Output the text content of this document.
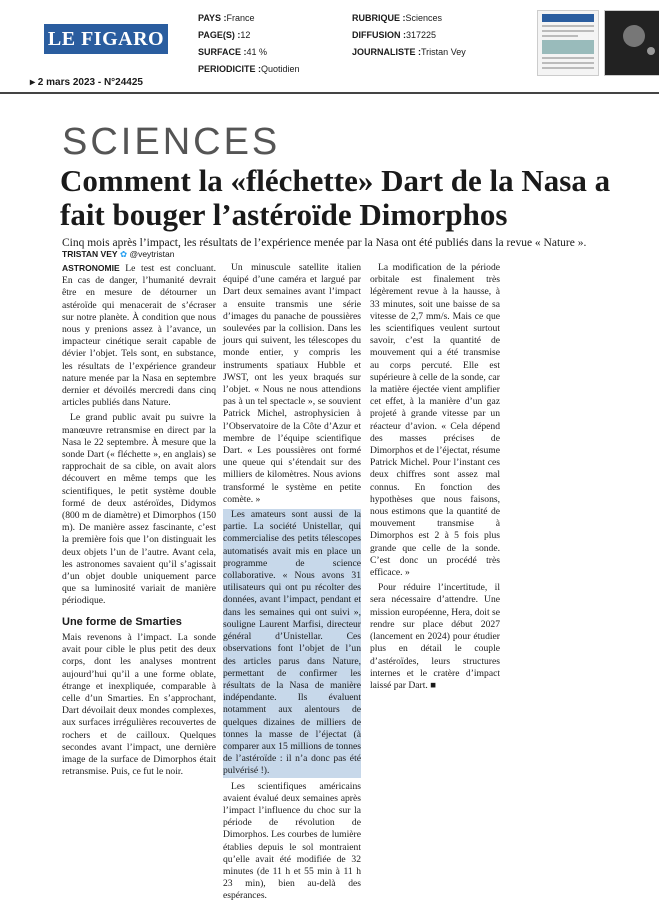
LE FIGARO
PAYS :France
PAGE(S) :12
SURFACE :41 %
PERIODICITE :Quotidien
RUBRIQUE :Sciences
DIFFUSION :317225
JOURNALISTE :Tristan Vey
▸ 2 mars 2023 - N°24425
SCIENCES
Comment la «fléchette» Dart de la Nasa a fait bouger l’astéroïde Dimorphos
Cinq mois après l’impact, les résultats de l’expérience menée par la Nasa ont été publiés dans la revue « Nature ».
TRISTAN VEY ✿ @veytristan

ASTRONOMIE Le test est concluant. En cas de danger, l’humanité devrait être en mesure de détourner un astéroïde qui menacerait de s’écraser sur notre planète. À condition que nous nous y prenions assez à l’avance, un impacteur cinétique serait capable de dévier l’objet. Tels sont, en substance, les résultats de l’expérience grandeur nature menée par la Nasa en septembre dernier et dévoilés mercredi dans cinq articles publiés dans Nature.

Le grand public avait pu suivre la manœuvre retransmise en direct par la Nasa le 22 septembre. À mesure que la sonde Dart (« fléchette », en anglais) se rapprochait de sa cible, on avait alors découvert en même temps que les scientifiques, le petit système double formé de deux astéroïdes, Didymos (800 m de diamètre) et Dimorphos (150 m). De manière assez fascinante, c’est la première fois que l’on distinguait les deux objets l’un de l’autre. Avant cela, les astronomes savaient qu’il s’agissait d’un objet double uniquement parce que sa luminosité variait de manière périodique.

Une forme de Smarties

Mais revenons à l’impact. La sonde avait pour cible le plus petit des deux corps, dont les analyses montrent aujourd’hui qu’il a une forme oblate, étrange et inexpliquée, comparable à celle d’un Smarties. En s’approchant, Dart dévoilait deux mondes complexes, aux surfaces irrégulières recouvertes de rochers et de cailloux. Quelques secondes avant l’impact, une dernière image de la surface de Dimorphos était retransmise. Puis, ce fut le noir.

Un minuscule satellite italien équipé d’une caméra et largué par Dart deux semaines avant l’impact a ensuite transmis une série d’images du panache de poussières soulevées par la collision. Dans les jours qui suivent, les télescopes du monde entier, y compris les instruments spatiaux Hubble et JWST, ont les yeux braqués sur l’objet. « Nous ne nous attendions pas à un tel spectacle », se souvient Patrick Michel, astrophysicien à l’Observatoire de la Côte d’Azur et membre de l’équipe scientifique Dart. « Les poussières ont formé une queue qui s’étendait sur des milliers de kilomètres. Nous avions transformé le système en petite comète. »

Les amateurs sont aussi de la partie. La société Unistellar, qui commercialise des petits télescopes automatisés avait mis en place un programme de science collaborative. « Nous avons 31 utilisateurs qui ont pu récolter des données, avant l’impact, pendant et dans les semaines qui ont suivi », souligne Laurent Marfisi, directeur général d’Unistellar. Ces observations font l’objet de l’un des articles parus dans Nature, permettant de confirmer les résultats de la Nasa de manière indépendante. Ils évaluent notamment aux alentours de quelques dizaines de milliers de tonnes la masse de l’éjectat (à comparer aux 15 millions de tonnes de l’astéroïde : il n’a donc pas été pulvérisé !).

Les scientifiques américains avaient évalué deux semaines après l’impact l’influence du choc sur la période de révolution de Dimorphos. Les courbes de lumière établies depuis le sol montraient qu’elle avait été modifiée de 32 minutes (de 11 h et 55 min à 11 h 23 min), bien au-delà des espérances.

La modification de la période orbitale est finalement très légèrement revue à la hausse, à 33 minutes, soit une baisse de sa vitesse de 2,7 mm/s. Mais ce que les scientifiques veulent surtout savoir, c’est la quantité de mouvement qui a été transmise au corps percuté. Elle est supérieure à celle de la sonde, car la matière éjectée vient amplifier cet effet, à la manière d’un gaz projeté à grande vitesse par un réacteur d’avion. « Cela dépend des masses précises de Dimorphos et de l’éjectat, résume Patrick Michel. Pour l’instant ces deux chiffres sont assez mal connus. En fonction des hypothèses que nous faisons, nous estimons que la quantité de mouvement transmise à Dimorphos est 2 à 5 fois plus grande que celle de la sonde. C’est donc un procédé très efficace. »

Pour réduire l’incertitude, il sera nécessaire d’attendre. Une mission européenne, Hera, doit se rendre sur place début 2027 (lancement en 2024) pour étudier plus en détail le couple d’astéroïdes, leurs structures internes et le cratère d’impact laissé par Dart. ■
